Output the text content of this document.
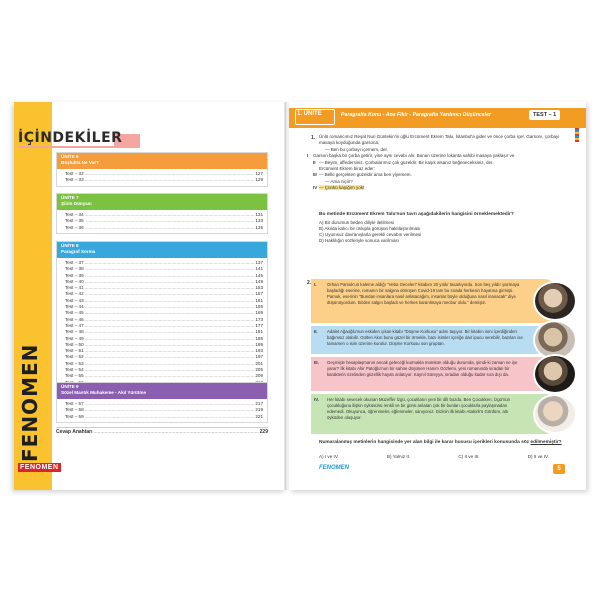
FENOMEN
FENOMEN
İÇİNDEKİLER
ÜNİTE 6
Boşlukta Ne Var?
Test – 32 .....	127
Test – 33 .....	129
ÜNİTE 7
Şiirin Dünyası
Test – 34 .....	131
Test – 35 .....	133
Test – 36 .....	135
ÜNİTE 8
Paragraf Sorma
Test – 37 .....	137
Test – 38 .....	141
Test – 39 .....	145
Test – 40 .....	149
Test – 41 .....	153
Test – 42 .....	157
Test – 43 .....	161
Test – 44 .....	165
Test – 45 .....	169
Test – 46 .....	173
Test – 47 .....	177
Test – 48 .....	181
Test – 49 .....	185
Test – 50 .....	189
Test – 51 .....	193
Test – 52 .....	197
Test – 53 .....	201
Test – 54 .....	205
Test – 55 .....	209
.....
ÜNİTE 9
Sözel Mantık Muhakeme - Akıl Yürütme
Test – 57 .....	217
Test – 58 .....	219
Test – 59 .....	221
Cevap Anahtarı .....	229
1. ÜNİTE	Paragrafta Konu - Ana Fikir - Paragrafta Yardımcı Düşünceler	TEST – 1
1. Ünlü romancımız Reşat Nuri Güntekin'in oğlu Ercüment Ekrem Talu, İstanbul'a gider ve önce çorba içer. Garsonı, çorbayı masaya koyduğunda garsona,

— Ben bu çorbayı içemem, der.

I Garson başka bir çorba getirir, yine aynı cevabı alır. Bunun üzerine lokanta sahibi masaya yaklaşır ve

II — Beyim, affedersiniz. Çorbalarımız çok güzeldir. Bir kaşık alsanız beğeneceksiniz, der.

Ercüment Ekrem biraz eder:

III — Belki gerçekten güzeldir ama ben yiyemem.

— Ama niçin?

IV — Çünkü kaşığım yok!

Bu metinde Ercüment Ekrem Talu'nun tavrı aşağıdakilerin hangisini örneklemektedir?
A) Bir durumun beden diliyle iletilmesi
B) Akılda kalıcı bir üslupla görüşün haklılaştırılması
C) Uyumsuz davranışlarla gerekli cevabın verilmesi
D) Haklılığın sözleriyle sonuca varılması
I. Orhan Pamuk'un kaleme aldığı "Veba Geceleri" kitabını 20 yıldır tasarlıyordu. Son beş yıldır yazmaya başladığı eserine, romanın bir salgına dönüşen Covid-19 tam bu sırada herkesin hayatına girmişti. Pamuk, eserinin "Bundan insanlara nasıl anlatacağım, insanlar böyle olduğuna nasıl inanacak" diye düşünüyordum. Birden salgın başladı ve herkes karantinaya mecbur oldu." demiştir.
II. Adalet Ağaoğlu'nun eskiden çıkan kitabı "Düşme Korkusu" adını taşıyor. Bir kitabın ismi içerdiğinden bağımsız olabilir. Gülten Akın bunu güzel bir örnekle, bazı isimler içeriğe dair ipucu verebilir, bazıları ise tamamen o isim üzerine kurulur. Düşme Korkusu son gruptan.
III. Geçmişle hesaplaşmanın ancak geleceği kurmakla mümkün olduğu durumda, şimdi-ki zaman ne işe yarar? İlk kitabı Ahir Patoğlu'nun bir sahne düşünen Hanım Gözlemi, yeni romanında sıradan bir karakterin özelinden güzellik hayatı anlatıyor. Kaynıl Süreyya, sıradan olduğu kadar sıra dışı da.
IV. Her kitabı sevecek okunan Müzeffer İzgü, çocukların yeni bir dili bozdu. Ben Çocukken, İzgü'nün çocukluğunu ilişkin öyküsünü renkli ve bir günü anlatan çok bir bunları çocuklarla paylaşmadan edemedi. Okuyunca, öğrenmeler, eğlenmeler, sanıyoruz. Dizinin ilk kitabı Atatürk'ü Gördüm, altı öyküden oluşuyor.
2.
Numaralanmış metinlerin hangisinde yer alan bilgi ile karar hususu içerikleri konusunda söz edilmemiştir?
A) I ve IV.	B) Yalnız II.	C) II ve III.	D) II ve IV.
FENOMEN	5
